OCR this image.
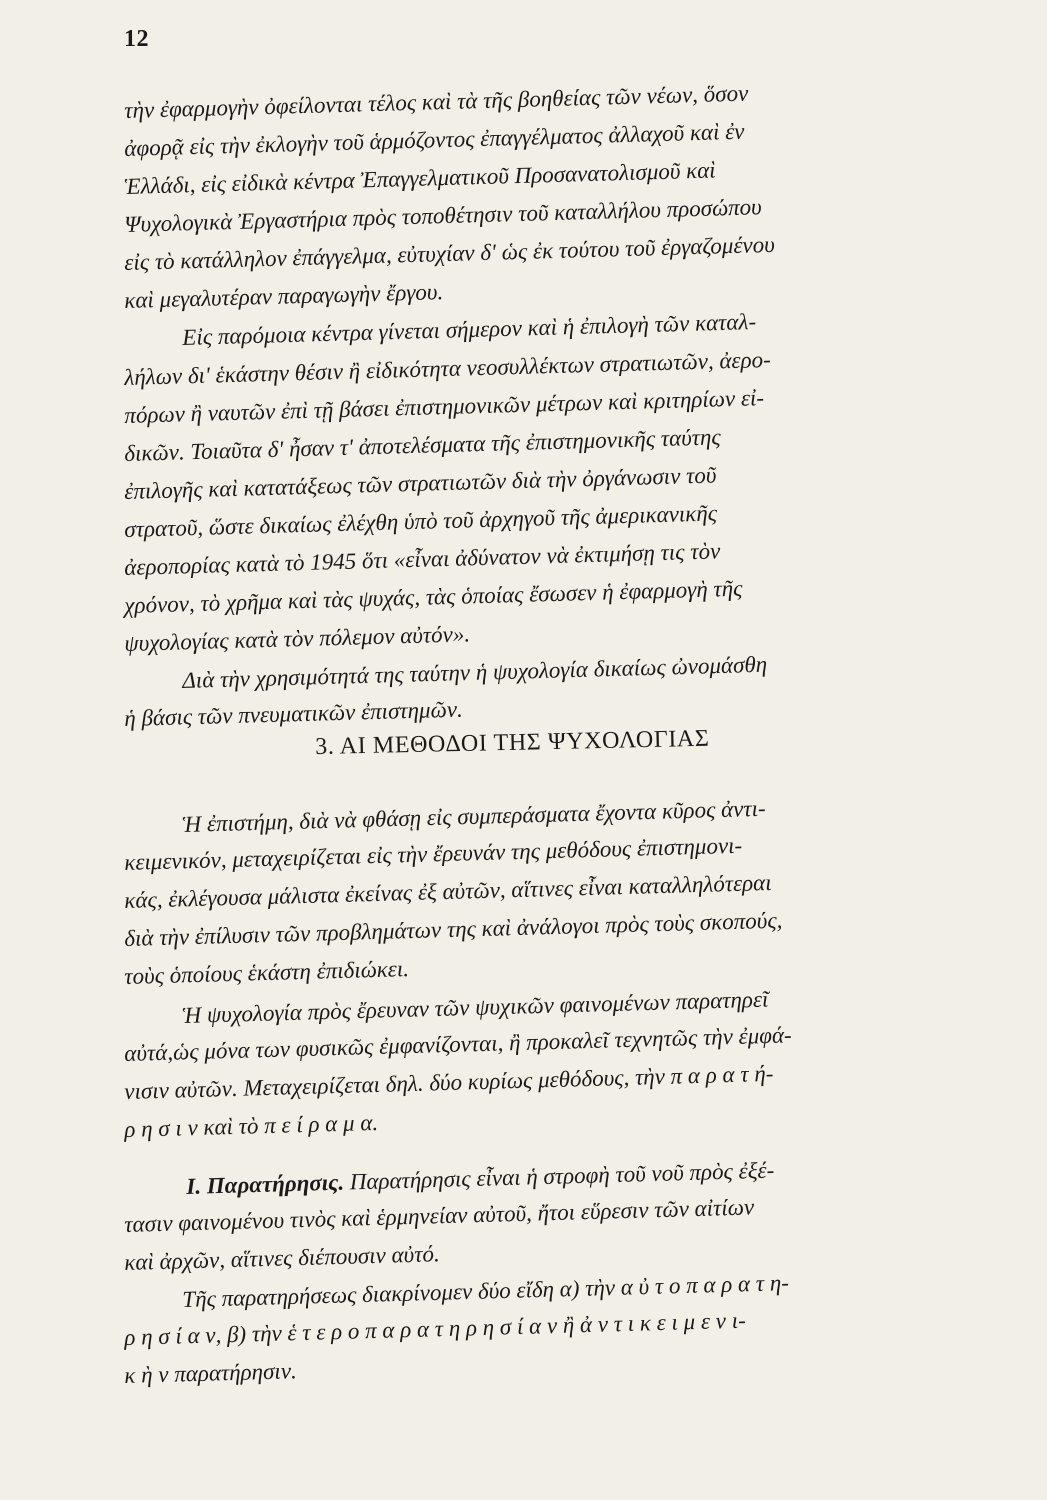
12
τὴν ἐφαρμογὴν ὀφείλονται τέλος καὶ τὰ τῆς βοηθείας τῶν νέων, ὅσον
ἀφορᾷ εἰς τὴν ἐκλογὴν τοῦ ἁρμόζοντος ἐπαγγέλματος ἀλλαχοῦ καὶ ἐν
Ἑλλάδι, εἰς εἰδικὰ κέντρα Ἐπαγγελματικοῦ Προσανατολισμοῦ καὶ
Ψυχολογικὰ Ἐργαστήρια πρὸς τοποθέτησιν τοῦ καταλλήλου προσώπου
εἰς τὸ κατάλληλον ἐπάγγελμα, εὐτυχίαν δ' ὡς ἐκ τούτου τοῦ ἐργαζομένου
καὶ μεγαλυτέραν παραγωγὴν ἔργου.
Εἰς παρόμοια κέντρα γίνεται σήμερον καὶ ἡ ἐπιλογὴ τῶν καταλ-
λήλων δι' ἑκάστην θέσιν ἢ εἰδικότητα νεοσυλλέκτων στρατιωτῶν, ἀερο-
πόρων ἢ ναυτῶν ἐπὶ τῇ βάσει ἐπιστημονικῶν μέτρων καὶ κριτηρίων εἰ-
δικῶν. Τοιαῦτα δ' ἦσαν τ' ἀποτελέσματα τῆς ἐπιστημονικῆς ταύτης
ἐπιλογῆς καὶ κατατάξεως τῶν στρατιωτῶν διὰ τὴν ὀργάνωσιν τοῦ
στρατοῦ, ὥστε δικαίως ἐλέχθη ὑπὸ τοῦ ἀρχηγοῦ τῆς ἀμερικανικῆς
ἀεροπορίας κατὰ τὸ 1945 ὅτι «εἶναι ἀδύνατον νὰ ἐκτιμήσῃ τις τὸν
χρόνον, τὸ χρῆμα καὶ τὰς ψυχάς, τὰς ὁποίας ἔσωσεν ἡ ἐφαρμογὴ τῆς
ψυχολογίας κατὰ τὸν πόλεμον αὐτόν».
Διὰ τὴν χρησιμότητά της ταύτην ἡ ψυχολογία δικαίως ὠνομάσθη
ἡ βάσις τῶν πνευματικῶν ἐπιστημῶν.
3. ΑΙ ΜΕΘΟΔΟΙ ΤΗΣ ΨΥΧΟΛΟΓΙΑΣ
Ἡ ἐπιστήμη, διὰ νὰ φθάσῃ εἰς συμπεράσματα ἔχοντα κῦρος ἀντι-
κειμενικόν, μεταχειρίζεται εἰς τὴν ἔρευνάν της μεθόδους ἐπιστημονι-
κάς, ἐκλέγουσα μάλιστα ἐκείνας ἐξ αὐτῶν, αἵτινες εἶναι καταλληλότεραι
διὰ τὴν ἐπίλυσιν τῶν προβλημάτων της καὶ ἀνάλογοι πρὸς τοὺς σκοπούς,
τοὺς ὁποίους ἑκάστη ἐπιδιώκει.
Ἡ ψυχολογία πρὸς ἔρευναν τῶν ψυχικῶν φαινομένων παρατηρεῖ
αὐτά,ὡς μόνα των φυσικῶς ἐμφανίζονται, ἢ προκαλεῖ τεχνητῶς τὴν ἐμφά-
νισιν αὐτῶν. Μεταχειρίζεται δηλ. δύο κυρίως μεθόδους, τὴν π α ρ α τ ή-
ρ η σ ι ν καὶ τὸ π ε ί ρ α μ α.
Ι. Παρατήρησις. Παρατήρησις εἶναι ἡ στροφὴ τοῦ νοῦ πρὸς ἐξέ-
τασιν φαινομένου τινὸς καὶ ἑρμηνείαν αὐτοῦ, ἤτοι εὕρεσιν τῶν αἰτίων
καὶ ἀρχῶν, αἵτινες διέπουσιν αὐτό.
Τῆς παρατηρήσεως διακρίνομεν δύο εἴδη α) τὴν α ὐ τ ο π α ρ α τ η-
ρ η σ ί α ν, β) τὴν ἑ τ ε ρ ο π α ρ α τ η ρ η σ ί α ν ἢ ἀ ν τ ι κ ε ι μ ε ν ι-
κ ὴ ν παρατήρησιν.
